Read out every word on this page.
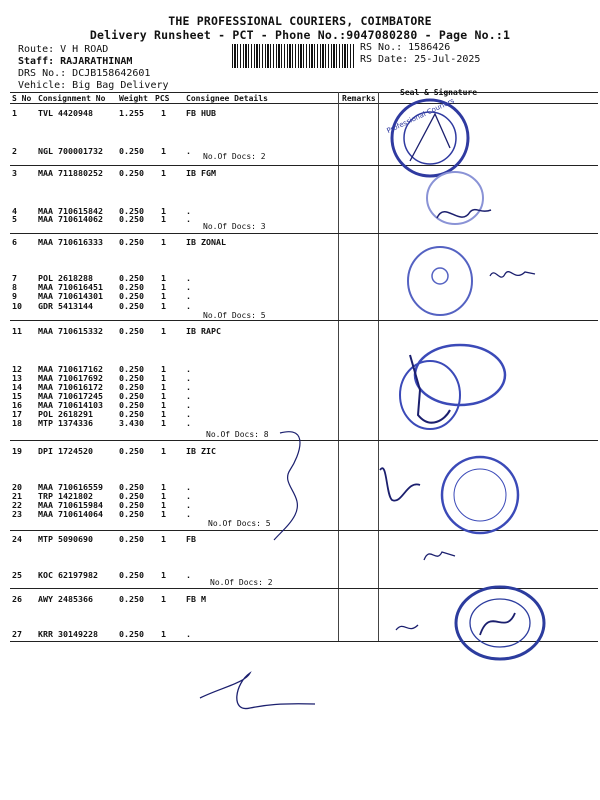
THE PROFESSIONAL COURIERS, COIMBATORE
Delivery Runsheet - PCT - Phone No.:9047080280 - Page No.:1
Route: V H ROAD
Staff: RAJARATHINAM
DRS No.: DCJB158642601
Vehicle: Big Bag Delivery
RS No.: 1586426
RS Date: 25-Jul-2025
S No Consignment No Weight PCS Consignee Details	Remarks
Seal & Signature
1	TVL 4420948	1.255 1 FB HUB
2	NGL 700001732 0.250 1 .
3	MAA 711880252 0.250 1 IB FGM
4	MAA 710615842 0.250 1 .
5	MAA 710614062 0.250 1 .
6	MAA 710616333 0.250 1 IB ZONAL
7	POL 2618288	0.250 1 .
8	MAA 710616451 0.250 1 .
9	MAA 710614301 0.250 1 .
10 GDR 5413144	0.250 1 .
11 MAA 710615332 0.250 1 IB RAPC
12 MAA 710617162 0.250 1 .
13 MAA 710617692 0.250 1 .
14 MAA 710616172 0.250 1 .
15 MAA 710617245 0.250 1 .
16 MAA 710614103 0.250 1 .
17 POL 2618291	0.250 1 .
18 MTP 1374336	3.430 1 .
19 DPI 1724520	0.250 1 IB ZIC
20 MAA 710616559 0.250 1 .
21 TRP 1421802	0.250 1 .
22 MAA 710615984 0.250 1 .
23 MAA 710614064 0.250 1 .
24 MTP 5090690	0.250 1 FB
25 KOC 62197982	0.250 1 .
26 AWY 2485366	0.250 1 FB M
27 KRR 30149228	0.250 1 .
No.Of Docs: 2
No.Of Docs: 3
No.Of Docs: 5
No.Of Docs: 8
No.Of Docs: 5
No.Of Docs: 2
Professional Couriers
